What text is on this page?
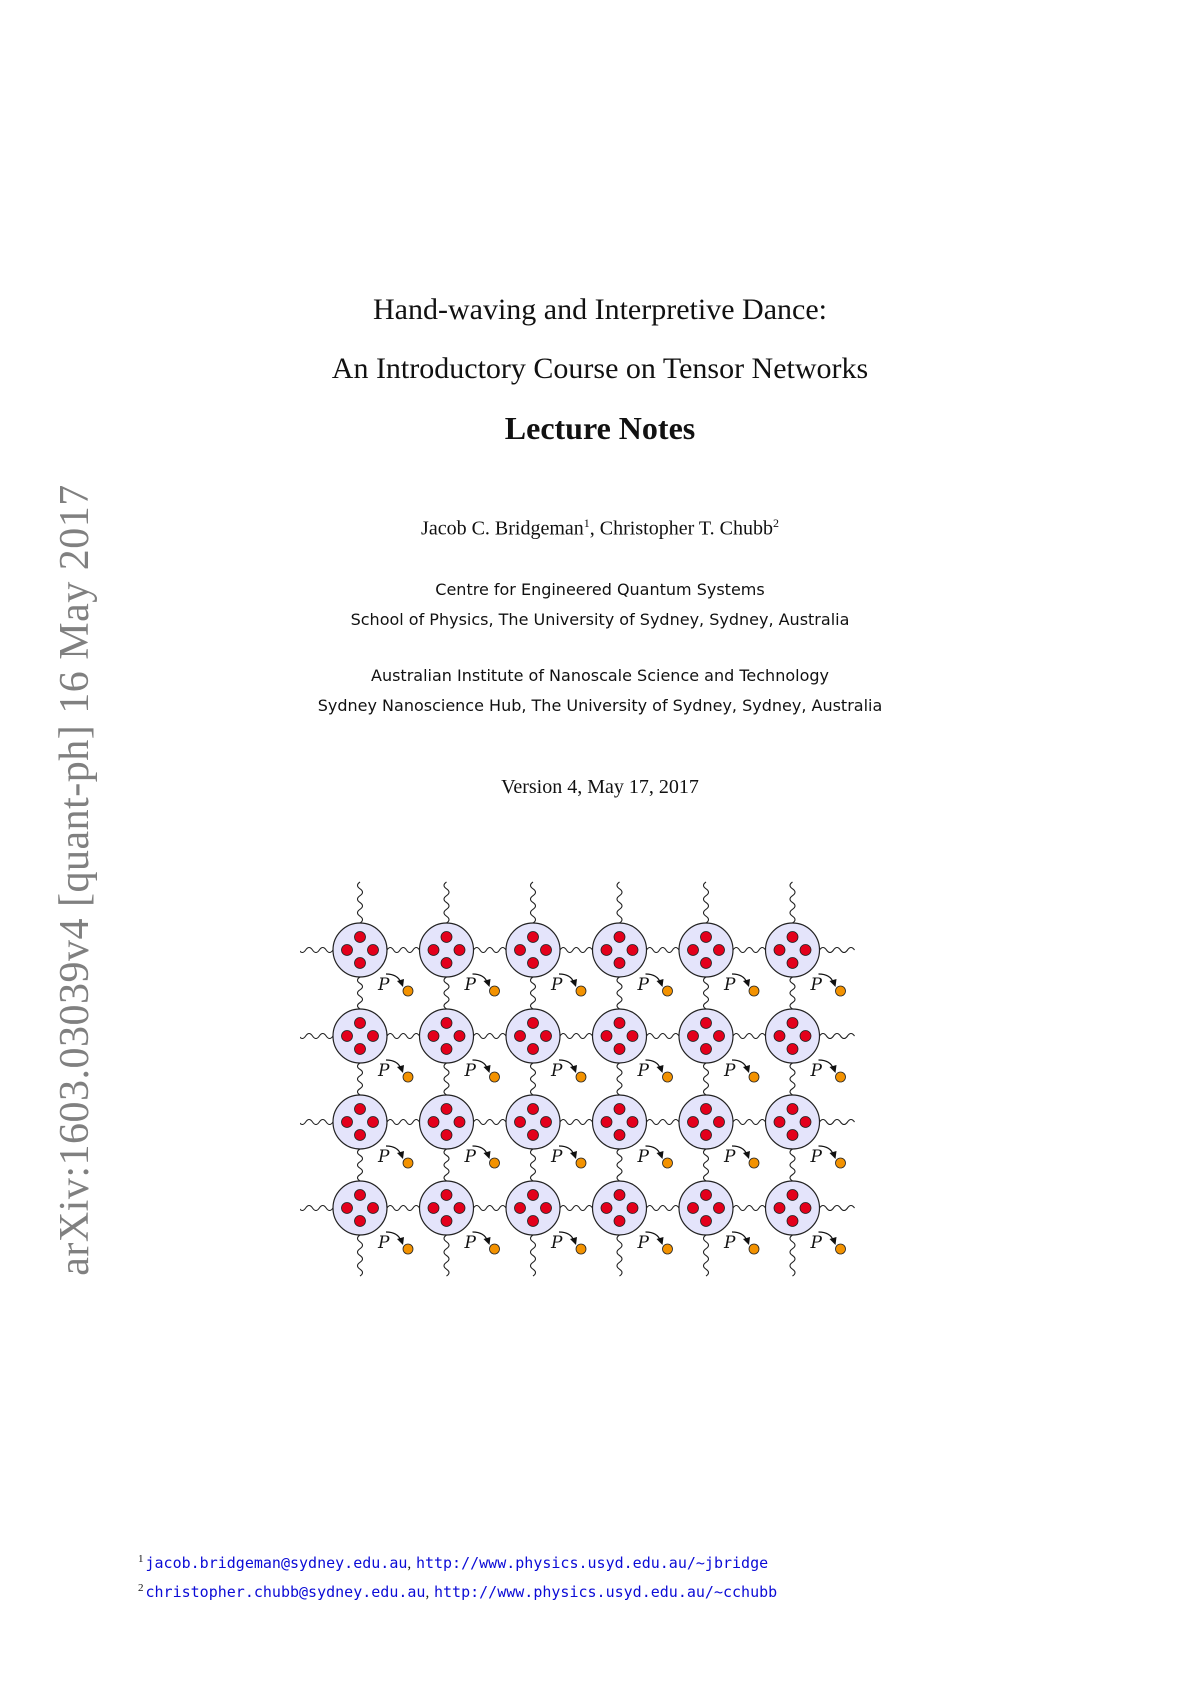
arXiv:1603.03039v4 [quant-ph] 16 May 2017
Hand-waving and Interpretive Dance:
An Introductory Course on Tensor Networks
Lecture Notes
Jacob C. Bridgeman$^1$, Christopher T. Chubb$^2$
Centre for Engineered Quantum Systems
School of Physics, The University of Sydney, Sydney, Australia
Australian Institute of Nanoscale Science and Technology
Sydney Nanoscience Hub, The University of Sydney, Sydney, Australia
Version 4, May 17, 2017
P	P	P	P	P	P
P	P	P	P	P	P
P	P	P	P	P	P
P	P	P	P	P	P
$^1$ jacob.bridgeman@sydney.edu.au, http://www.physics.usyd.edu.au/~jbridge
$^2$ christopher.chubb@sydney.edu.au, http://www.physics.usyd.edu.au/~cchubb
